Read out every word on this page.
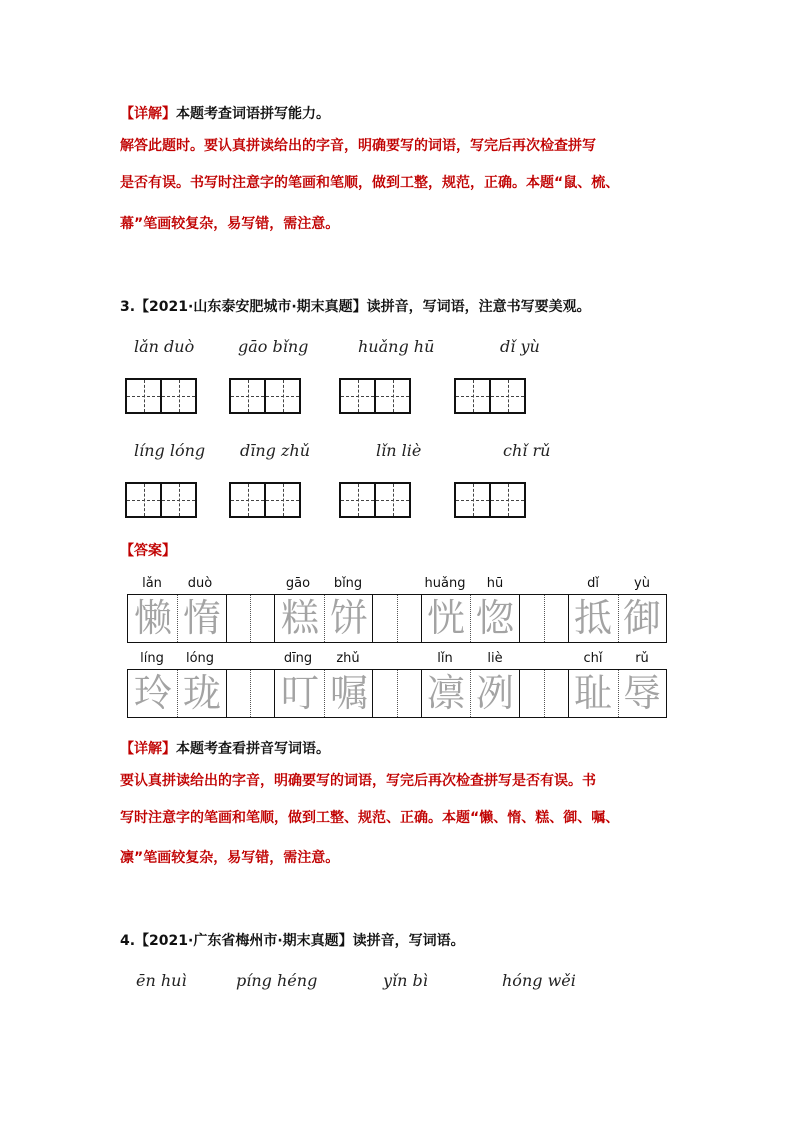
【详解】本题考查词语拼写能力。
解答此题时。要认真拼读给出的字音，明确要写的词语，写完后再次检查拼写
是否有误。书写时注意字的笔画和笔顺，做到工整，规范，正确。本题“鼠、梳、
幕”笔画较复杂，易写错，需注意。
3.【2021·山东泰安肥城市·期末真题】读拼音，写词语，注意书写要美观。
lǎn duò	gāo bǐng	huǎng hū	dǐ yù
líng lóng dīng zhǔ	lǐn liè	chǐ rǔ
【答案】
lǎn	duò	gāo	bǐng	huǎng	hū	dǐ	yù
懒 惰 糕 饼 恍 惚 抵 御
líng	lóng	dīng	zhǔ	lǐn	liè	chǐ	rǔ
玲 珑 叮 嘱 凛 冽 耻 辱
【详解】本题考查看拼音写词语。
要认真拼读给出的字音，明确要写的词语，写完后再次检查拼写是否有误。书
写时注意字的笔画和笔顺，做到工整、规范、正确。本题“懒、惰、糕、御、嘱、
凛”笔画较复杂，易写错，需注意。
4.【2021·广东省梅州市·期末真题】读拼音，写词语。
ēn huì	píng héng	yǐn bì	hóng wěi
